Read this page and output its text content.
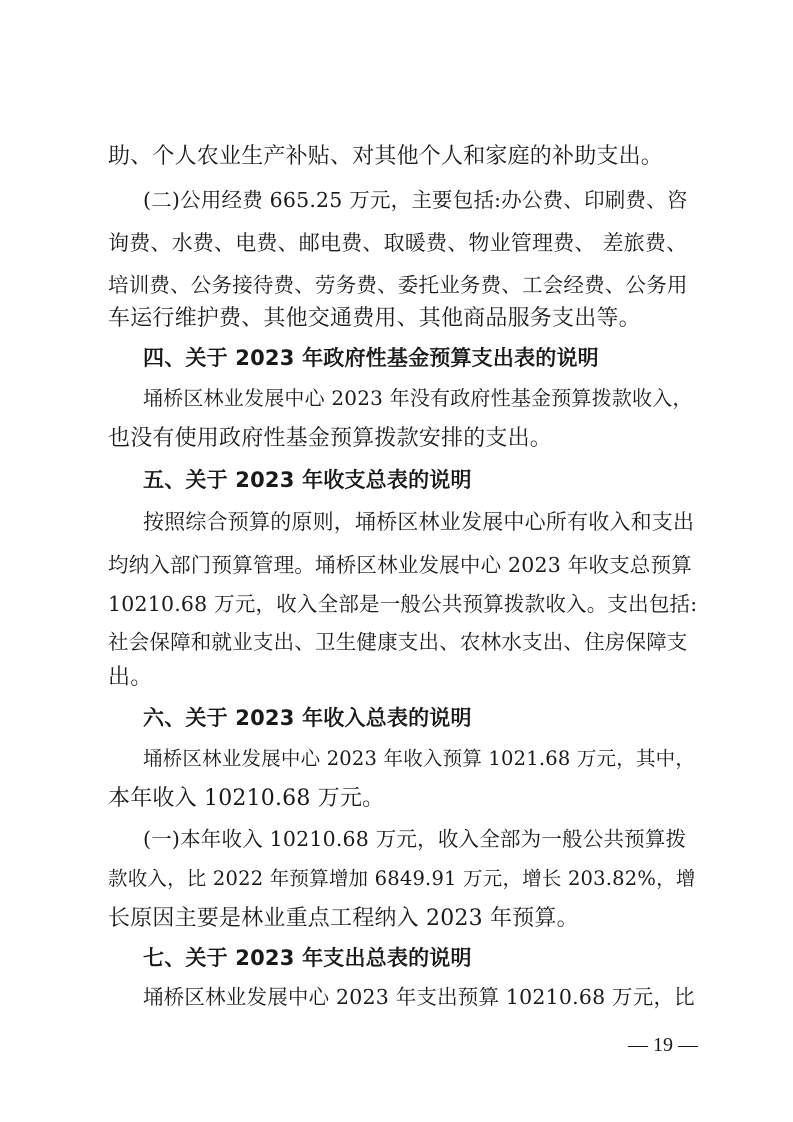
助、个人农业生产补贴、对其他个人和家庭的补助支出。
(二)公用经费 665.25 万元，主要包括:办公费、印刷费、咨
询费、水费、电费、邮电费、取暖费、物业管理费、 差旅费、
培训费、公务接待费、劳务费、委托业务费、工会经费、公务用
车运行维护费、其他交通费用、其他商品服务支出等。
四、关于 2023 年政府性基金预算支出表的说明
埇桥区林业发展中心 2023 年没有政府性基金预算拨款收入，
也没有使用政府性基金预算拨款安排的支出。
五、关于 2023 年收支总表的说明
按照综合预算的原则，埇桥区林业发展中心所有收入和支出
均纳入部门预算管理。埇桥区林业发展中心 2023 年收支总预算
10210.68 万元，收入全部是一般公共预算拨款收入。支出包括:
社会保障和就业支出、卫生健康支出、农林水支出、住房保障支
出。
六、关于 2023 年收入总表的说明
埇桥区林业发展中心 2023 年收入预算 1021.68 万元，其中，
本年收入 10210.68 万元。
(一)本年收入 10210.68 万元，收入全部为一般公共预算拨
款收入，比 2022 年预算增加 6849.91 万元，增长 203.82%，增
长原因主要是林业重点工程纳入 2023 年预算。
七、关于 2023 年支出总表的说明
埇桥区林业发展中心 2023 年支出预算 10210.68 万元，比
— 19 —
